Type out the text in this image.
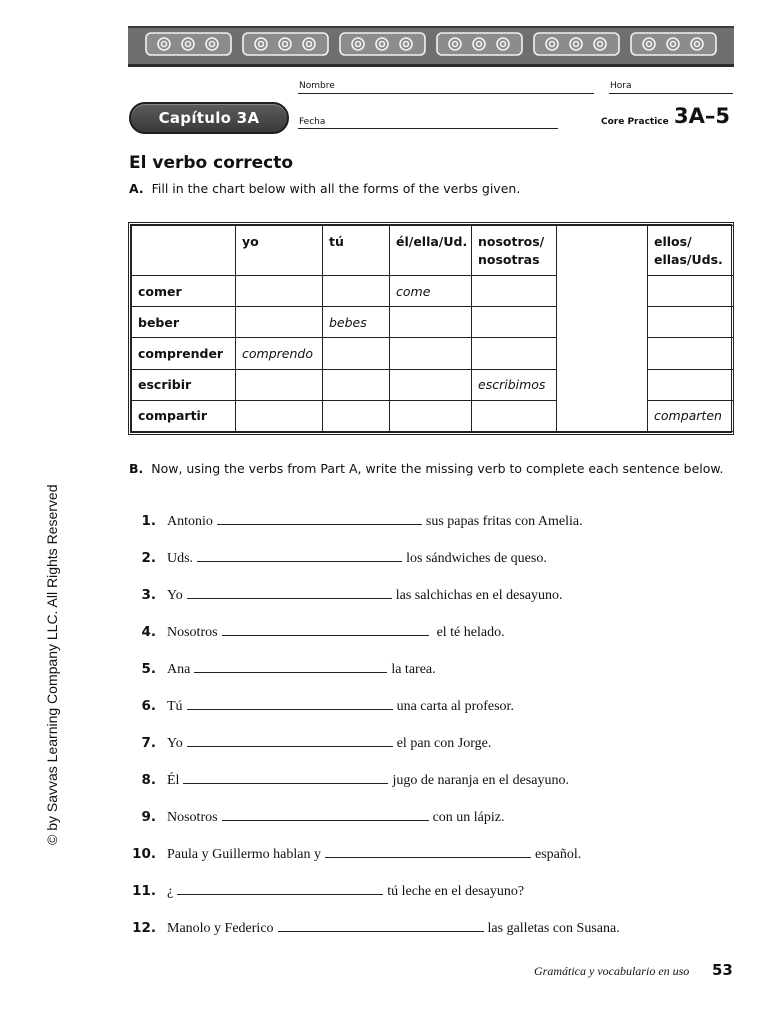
Nombre	Hora
Capítulo 3A	Fecha	Core Practice 3A–5
El verbo correcto
A. Fill in the chart below with all the forms of the verbs given.
	yo	tú	él/ella/Ud.	nosotros/ nosotras		ellos/ ellas/Uds.
comer			come			
beber		bebes				
comprender	comprendo					
escribir				escribimos		
compartir						comparten
B. Now, using the verbs from Part A, write the missing verb to complete each sentence below.
1. Antonio	sus papas fritas con Amelia.
2. Uds.	los sándwiches de queso.
3. Yo	las salchichas en el desayuno.
4. Nosotros	el té helado.
5. Ana	la tarea.
6. Tú	una carta al profesor.
7. Yo	el pan con Jorge.
8. Él	jugo de naranja en el desayuno.
9. Nosotros	con un lápiz.
10. Paula y Guillermo hablan y	español.
11. ¿	tú leche en el desayuno?
12. Manolo y Federico	las galletas con Susana.
© by Savvas Learning Company LLC. All Rights Reserved
Gramática y vocabulario en uso 53
